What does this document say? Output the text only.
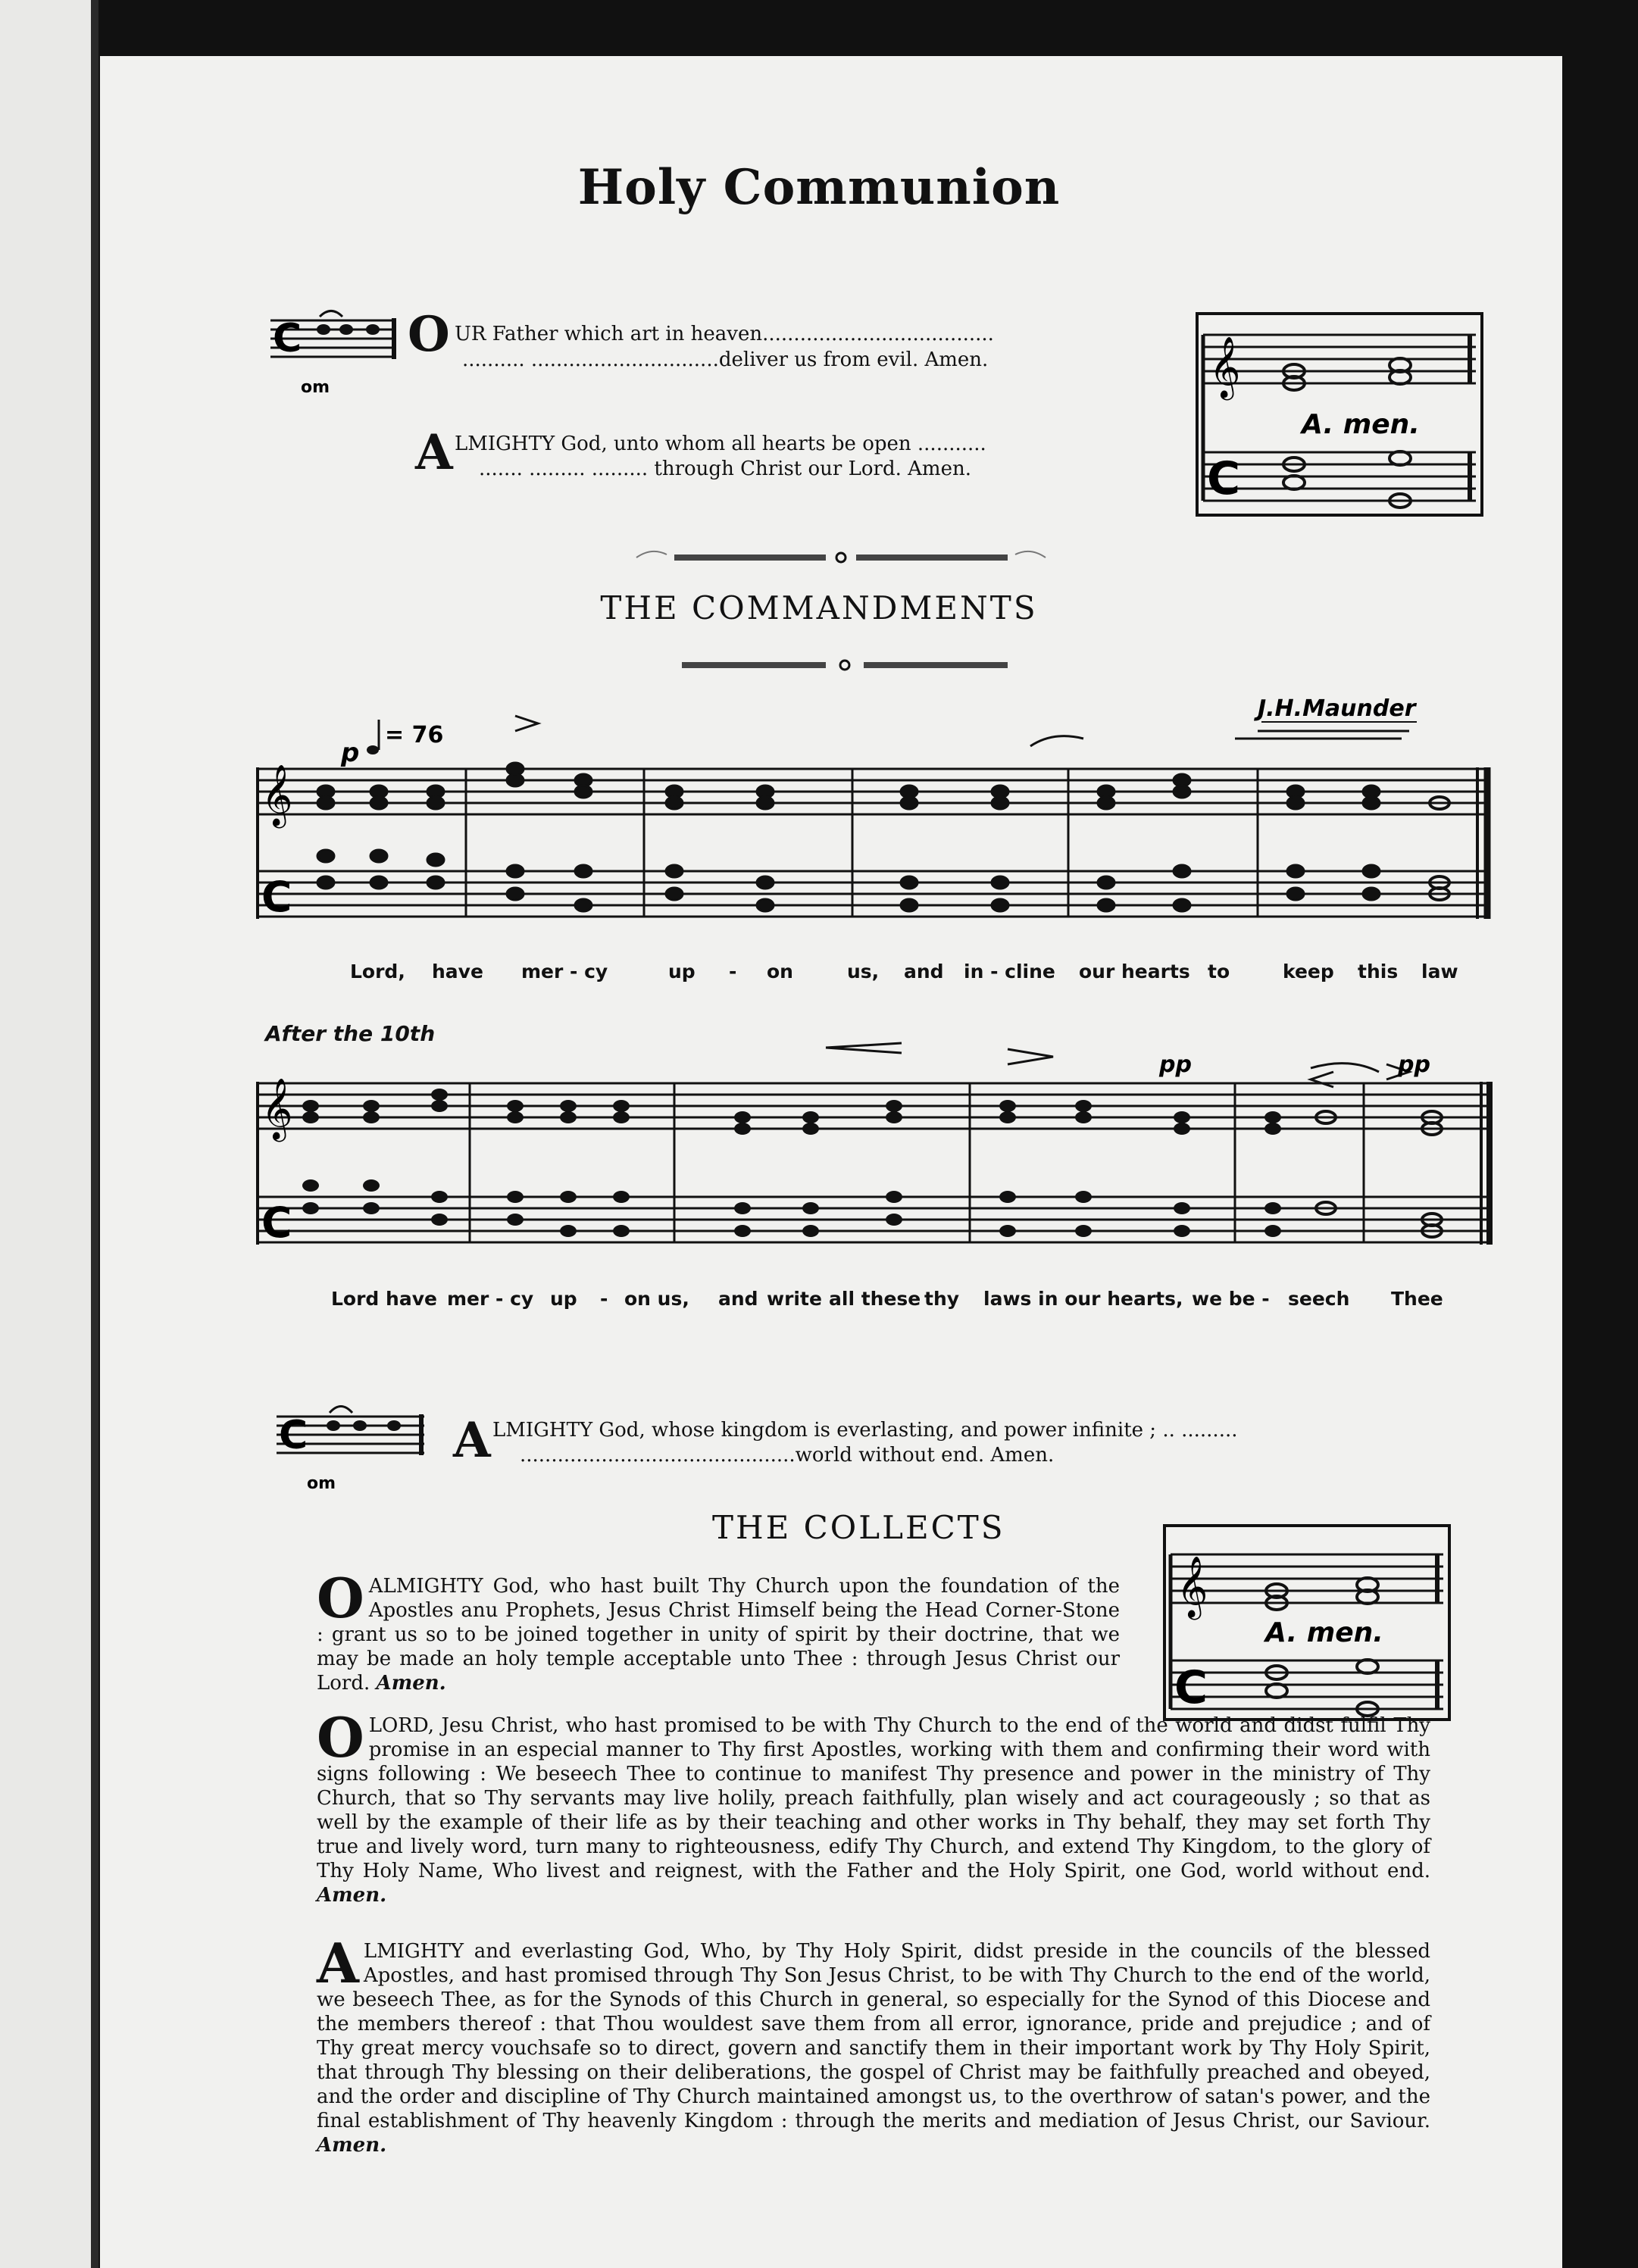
Holy Communion
C
om
O UR Father which art in heaven.....................................
.......... ..............................deliver us from evil. Amen.
A LMIGHTY God, unto whom all hearts be open ...........
....... ......... ......... through Christ our Lord. Amen.
𝄞
C
A. men.
THE COMMANDMENTS
𝄞
C
p
= 76
J.H.Maunder
Lord, have mer - cy	up - on	us, and in - cline our hearts to	keep this law
After the 10th
𝄞
C
pp	pp
Lord have mer - cy up - on us, and write all these thy laws in our hearts, we be - seech Thee
C
om
A LMIGHTY God, whose kingdom is everlasting, and power infinite ; .. .........
............................................world without end. Amen.
THE COLLECTS
𝄞
C
A. men.
OALMIGHTY God, who hast built Thy Church upon the foundation of the Apostles anu Prophets, Jesus Christ Himself being the Head Corner-Stone : grant us so to be joined together in unity of spirit by their doctrine, that we may be made an holy temple acceptable unto Thee : through Jesus Christ our Lord. Amen.
OLORD, Jesu Christ, who hast promised to be with Thy Church to the end of the world and didst fulfil Thy promise in an especial manner to Thy first Apostles, working with them and confirming their word with signs following : We beseech Thee to continue to manifest Thy presence and power in the ministry of Thy Church, that so Thy servants may live holily, preach faithfully, plan wisely and act courageously ; so that as well by the example of their life as by their teaching and other works in Thy behalf, they may set forth Thy true and lively word, turn many to righteousness, edify Thy Church, and extend Thy Kingdom, to the glory of Thy Holy Name, Who livest and reignest, with the Father and the Holy Spirit, one God, world without end. Amen.
ALMIGHTY and everlasting God, Who, by Thy Holy Spirit, didst preside in the councils of the blessed Apostles, and hast promised through Thy Son Jesus Christ, to be with Thy Church to the end of the world, we beseech Thee, as for the Synods of this Church in general, so especially for the Synod of this Diocese and the members thereof : that Thou wouldest save them from all error, ignorance, pride and prejudice ; and of Thy great mercy vouchsafe so to direct, govern and sanctify them in their important work by Thy Holy Spirit, that through Thy blessing on their deliberations, the gospel of Christ may be faithfully preached and obeyed, and the order and discipline of Thy Church maintained amongst us, to the overthrow of satan's power, and the final establishment of Thy heavenly Kingdom : through the merits and mediation of Jesus Christ, our Saviour. Amen.
